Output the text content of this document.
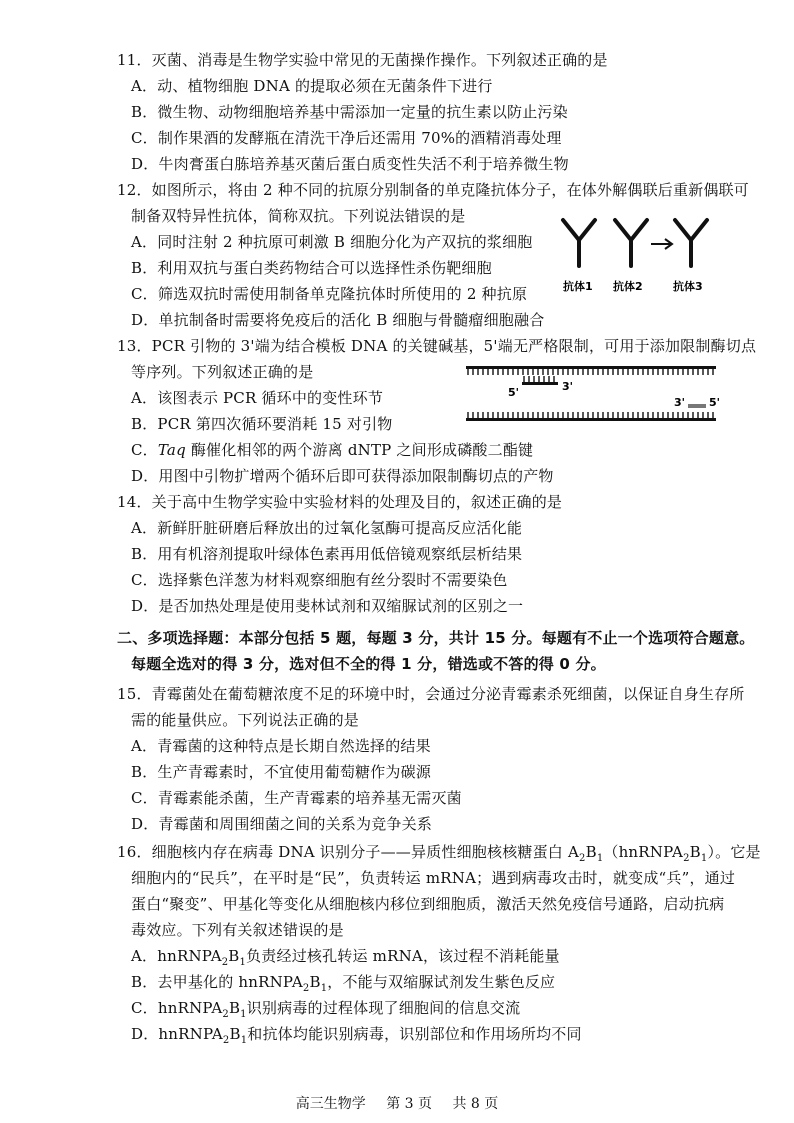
11．灭菌、消毒是生物学实验中常见的无菌操作操作。下列叙述正确的是
A．动、植物细胞 DNA 的提取必须在无菌条件下进行
B．微生物、动物细胞培养基中需添加一定量的抗生素以防止污染
C．制作果酒的发酵瓶在清洗干净后还需用 70%的酒精消毒处理
D．牛肉膏蛋白胨培养基灭菌后蛋白质变性失活不利于培养微生物
12．如图所示，将由 2 种不同的抗原分别制备的单克隆抗体分子，在体外解偶联后重新偶联可
制备双特异性抗体，简称双抗。下列说法错误的是
A．同时注射 2 种抗原可刺激 B 细胞分化为产双抗的浆细胞
B．利用双抗与蛋白类药物结合可以选择性杀伤靶细胞
C．筛选双抗时需使用制备单克隆抗体时所使用的 2 种抗原
D．单抗制备时需要将免疫后的活化 B 细胞与骨髓瘤细胞融合
抗体1 抗体2	抗体3
13．PCR 引物的 3'端为结合模板 DNA 的关键碱基，5'端无严格限制，可用于添加限制酶切点
等序列。下列叙述正确的是
A．该图表示 PCR 循环中的变性环节
B．PCR 第四次循环要消耗 15 对引物
C．Taq 酶催化相邻的两个游离 dNTP 之间形成磷酸二酯键
D．用图中引物扩增两个循环后即可获得添加限制酶切点的产物
5'	3'
3' 5'
14．关于高中生物学实验中实验材料的处理及目的，叙述正确的是
A．新鲜肝脏研磨后释放出的过氧化氢酶可提高反应活化能
B．用有机溶剂提取叶绿体色素再用低倍镜观察纸层析结果
C．选择紫色洋葱为材料观察细胞有丝分裂时不需要染色
D．是否加热处理是使用斐林试剂和双缩脲试剂的区别之一
二、多项选择题：本部分包括 5 题，每题 3 分，共计 15 分。每题有不止一个选项符合题意。
每题全选对的得 3 分，选对但不全的得 1 分，错选或不答的得 0 分。
15．青霉菌处在葡萄糖浓度不足的环境中时，会通过分泌青霉素杀死细菌，以保证自身生存所
需的能量供应。下列说法正确的是
A．青霉菌的这种特点是长期自然选择的结果
B．生产青霉素时，不宜使用葡萄糖作为碳源
C．青霉素能杀菌，生产青霉素的培养基无需灭菌
D．青霉菌和周围细菌之间的关系为竞争关系
16．细胞核内存在病毒 DNA 识别分子——异质性细胞核核糖蛋白 $A_2B_1(hnRNPA_2B_1)$。它是
细胞内的“民兵”，在平时是“民”，负责转运 mRNA；遇到病毒攻击时，就变成“兵”，通过
蛋白“聚变”、甲基化等变化从细胞核内移位到细胞质，激活天然免疫信号通路，启动抗病
毒效应。下列有关叙述错误的是
A．$hnRNPA_2B_1$负责经过核孔转运 mRNA，该过程不消耗能量
B．去甲基化的 $hnRNPA_2B_1$，不能与双缩脲试剂发生紫色反应
C．$hnRNPA_2B_1$识别病毒的过程体现了细胞间的信息交流
D．$hnRNPA_2B_1$和抗体均能识别病毒，识别部位和作用场所均不同
高三生物学 第 3 页 共 8 页
